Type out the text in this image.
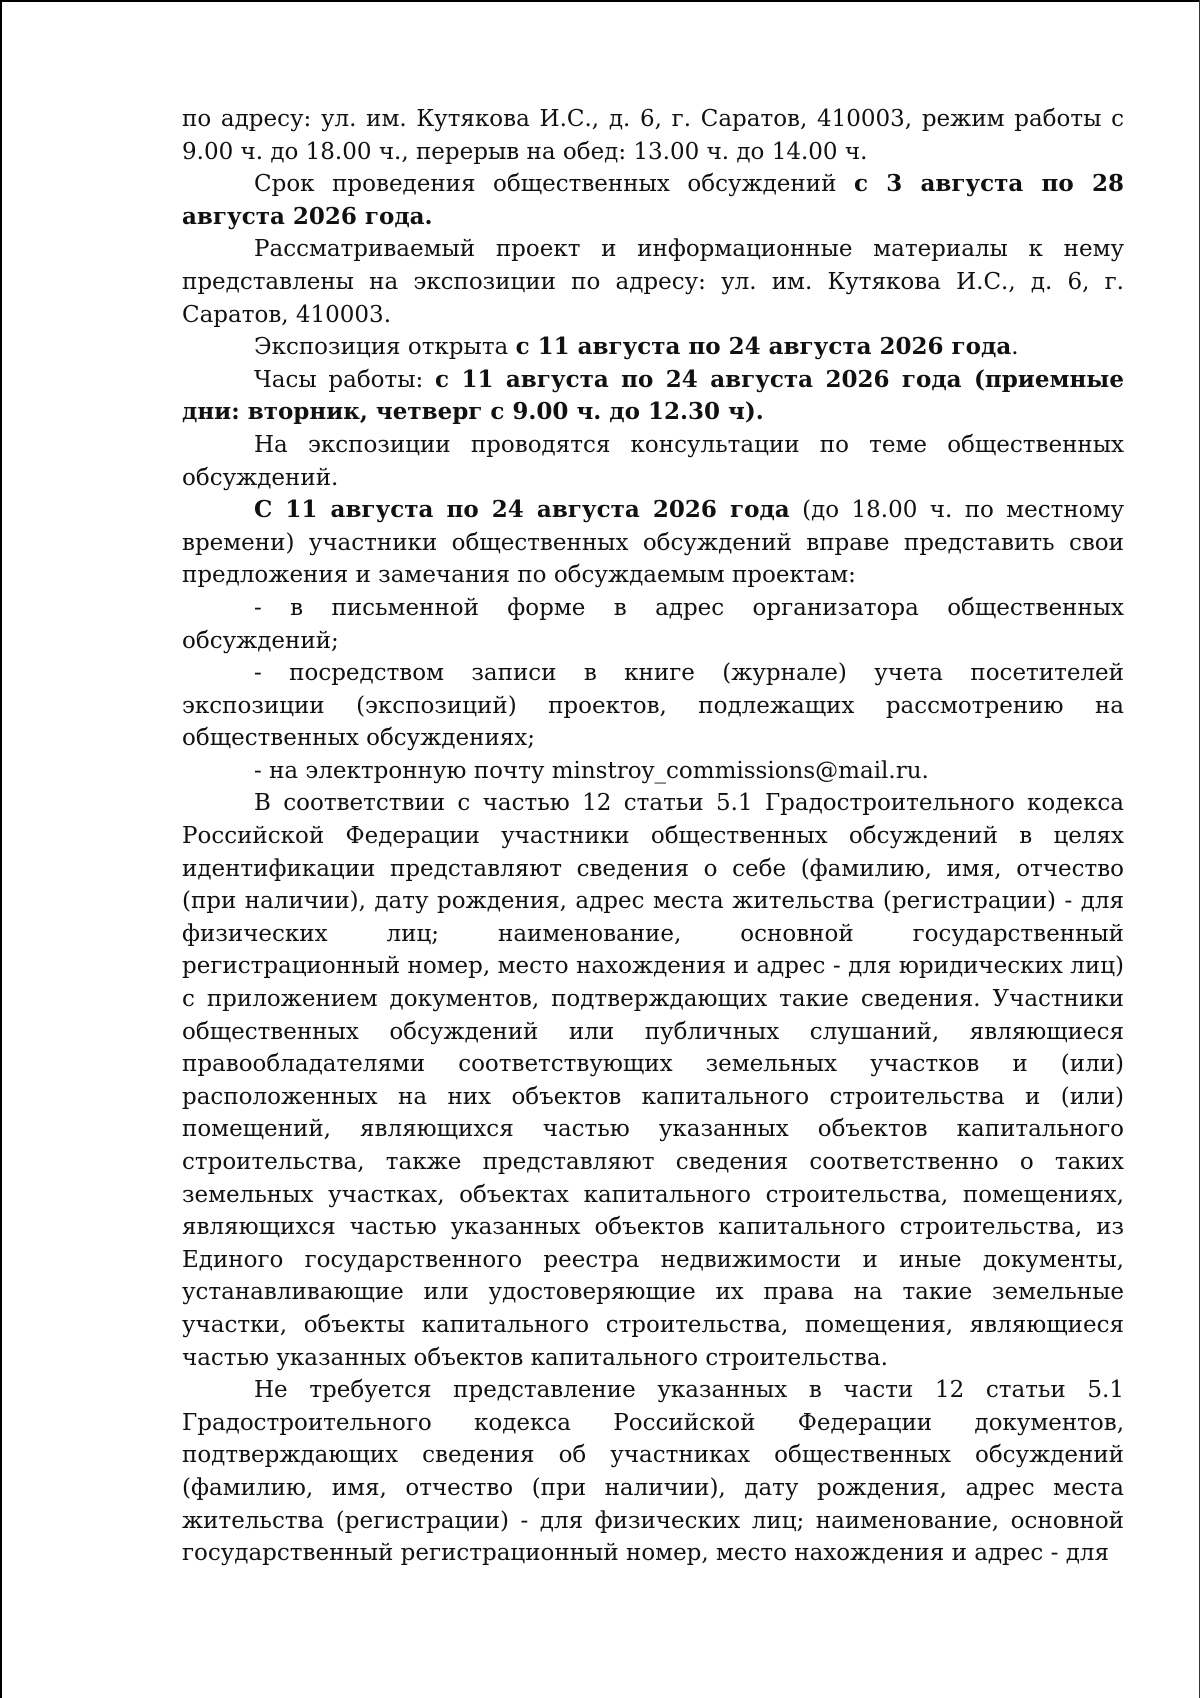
по адресу: ул. им. Кутякова И.С., д. 6, г. Саратов, 410003, режим работы с 9.00 ч. до 18.00 ч., перерыв на обед: 13.00 ч. до 14.00 ч.

Срок проведения общественных обсуждений с 3 августа по 28 августа 2026 года.

Рассматриваемый проект и информационные материалы к нему представлены на экспозиции по адресу: ул. им. Кутякова И.С., д. 6, г. Саратов, 410003.

Экспозиция открыта с 11 августа по 24 августа 2026 года.

Часы работы: с 11 августа по 24 августа 2026 года (приемные дни: вторник, четверг с 9.00 ч. до 12.30 ч).

На экспозиции проводятся консультации по теме общественных обсуждений.

С 11 августа по 24 августа 2026 года (до 18.00 ч. по местному времени) участники общественных обсуждений вправе представить свои предложения и замечания по обсуждаемым проектам:

- в письменной форме в адрес организатора общественных обсуждений;

- посредством записи в книге (журнале) учета посетителей экспозиции (экспозиций) проектов, подлежащих рассмотрению на общественных обсуждениях;

- на электронную почту minstroy_commissions@mail.ru.

В соответствии с частью 12 статьи 5.1 Градостроительного кодекса Российской Федерации участники общественных обсуждений в целях идентификации представляют сведения о себе (фамилию, имя, отчество (при наличии), дату рождения, адрес места жительства (регистрации) - для физических лиц; наименование, основной государственный регистрационный номер, место нахождения и адрес - для юридических лиц) с приложением документов, подтверждающих такие сведения. Участники общественных обсуждений или публичных слушаний, являющиеся правообладателями соответствующих земельных участков и (или) расположенных на них объектов капитального строительства и (или) помещений, являющихся частью указанных объектов капитального строительства, также представляют сведения соответственно о таких земельных участках, объектах капитального строительства, помещениях, являющихся частью указанных объектов капитального строительства, из Единого государственного реестра недвижимости и иные документы, устанавливающие или удостоверяющие их права на такие земельные участки, объекты капитального строительства, помещения, являющиеся частью указанных объектов капитального строительства.

Не требуется представление указанных в части 12 статьи 5.1 Градостроительного кодекса Российской Федерации документов, подтверждающих сведения об участниках общественных обсуждений (фамилию, имя, отчество (при наличии), дату рождения, адрес места жительства (регистрации) - для физических лиц; наименование, основной государственный регистрационный номер, место нахождения и адрес - для
